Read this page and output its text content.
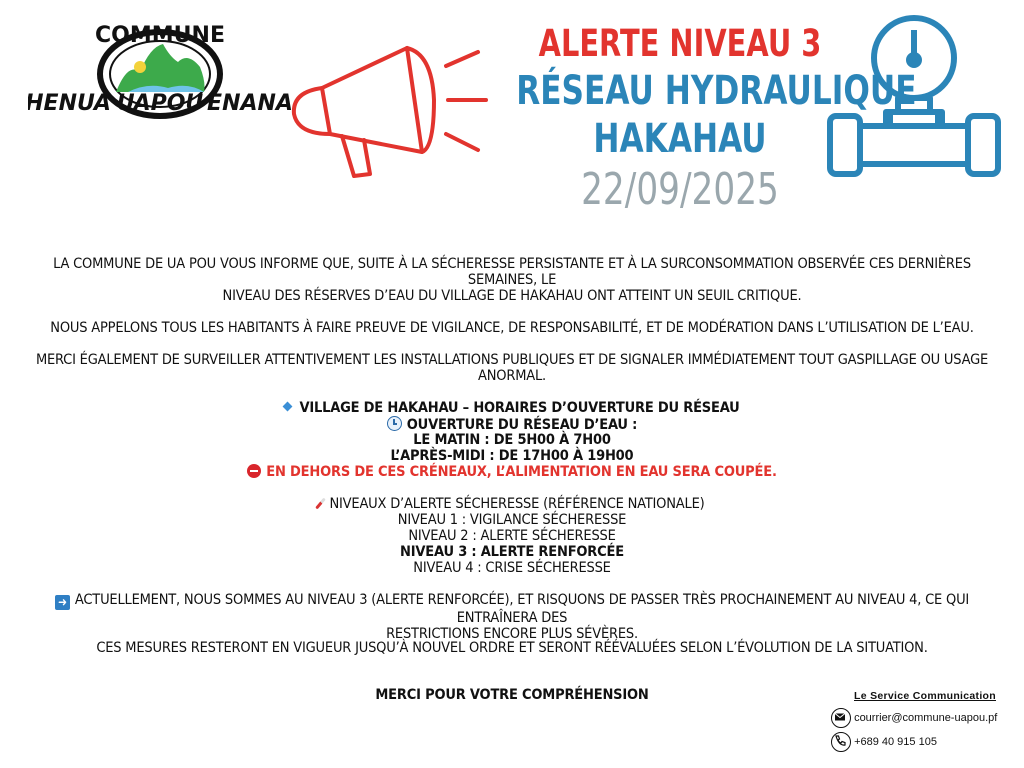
COMMUNE
HENUA UAPOU ENANA
ALERTE NIVEAU 3
RÉSEAU HYDRAULIQUE
HAKAHAU
22/09/2025
LA COMMUNE DE UA POU VOUS INFORME QUE, SUITE À LA SÉCHERESSE PERSISTANTE ET À LA SURCONSOMMATION OBSERVÉE CES DERNIÈRES SEMAINES, LE
NIVEAU DES RÉSERVES D’EAU DU VILLAGE DE HAKAHAU ONT ATTEINT UN SEUIL CRITIQUE.
NOUS APPELONS TOUS LES HABITANTS À FAIRE PREUVE DE VIGILANCE, DE RESPONSABILITÉ, ET DE MODÉRATION DANS L’UTILISATION DE L’EAU.
MERCI ÉGALEMENT DE SURVEILLER ATTENTIVEMENT LES INSTALLATIONS PUBLIQUES ET DE SIGNALER IMMÉDIATEMENT TOUT GASPILLAGE OU USAGE ANORMAL.
VILLAGE DE HAKAHAU – HORAIRES D’OUVERTURE DU RÉSEAU
OUVERTURE DU RÉSEAU D’EAU :
LE MATIN : DE 5H00 À 7H00
L’APRÈS-MIDI : DE 17H00 À 19H00
EN DEHORS DE CES CRÉNEAUX, L’ALIMENTATION EN EAU SERA COUPÉE.
NIVEAUX D’ALERTE SÉCHERESSE (RÉFÉRENCE NATIONALE)
NIVEAU 1 : VIGILANCE SÉCHERESSE
NIVEAU 2 : ALERTE SÉCHERESSE
NIVEAU 3 : ALERTE RENFORCÉE
NIVEAU 4 : CRISE SÉCHERESSE
➜ ACTUELLEMENT, NOUS SOMMES AU NIVEAU 3 (ALERTE RENFORCÉE), ET RISQUONS DE PASSER TRÈS PROCHAINEMENT AU NIVEAU 4, CE QUI ENTRAÎNERA DES
RESTRICTIONS ENCORE PLUS SÉVÈRES.
CES MESURES RESTERONT EN VIGUEUR JUSQU’À NOUVEL ORDRE ET SERONT RÉÉVALUÉES SELON L’ÉVOLUTION DE LA SITUATION.
MERCI POUR VOTRE COMPRÉHENSION	Le Service Communication
courrier@commune-uapou.pf
+689 40 915 105
